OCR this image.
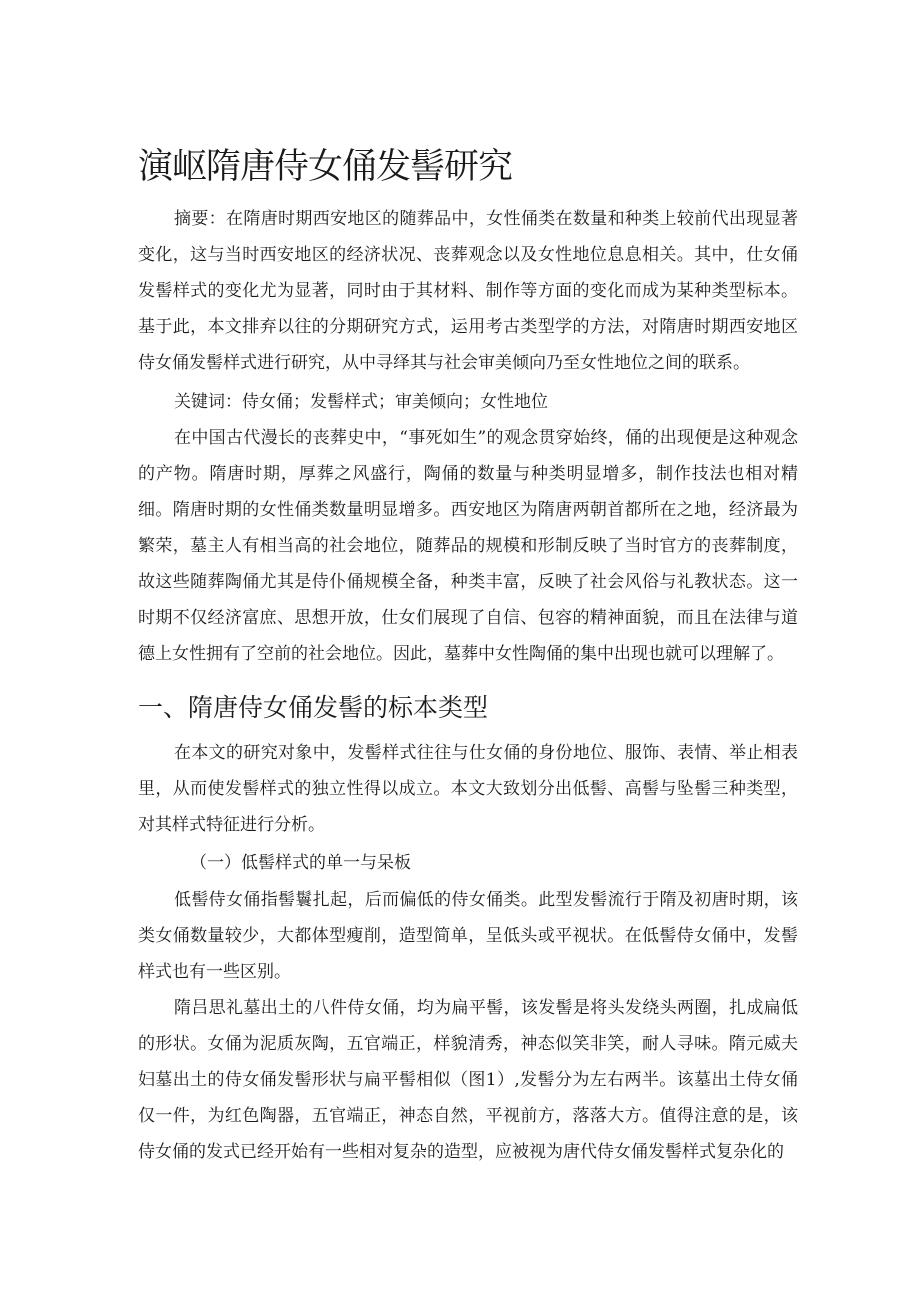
演岖隋唐侍女俑发髻研究

摘要：在隋唐时期西安地区的随葬品中，女性俑类在数量和种类上较前代出现显著变化，这与当时西安地区的经济状况、丧葬观念以及女性地位息息相关。其中，仕女俑发髻样式的变化尤为显著，同时由于其材料、制作等方面的变化而成为某种类型标本。基于此，本文排弃以往的分期研究方式，运用考古类型学的方法，对隋唐时期西安地区侍女俑发髻样式进行研究，从中寻绎其与社会审美倾向乃至女性地位之间的联系。

关键词：侍女俑；发髻样式；审美倾向；女性地位

在中国古代漫长的丧葬史中，“事死如生”的观念贯穿始终，俑的出现便是这种观念的产物。隋唐时期，厚葬之风盛行，陶俑的数量与种类明显增多，制作技法也相对精细。隋唐时期的女性俑类数量明显增多。西安地区为隋唐两朝首都所在之地，经济最为繁荣，墓主人有相当高的社会地位，随葬品的规模和形制反映了当时官方的丧葬制度，故这些随葬陶俑尤其是侍仆俑规模全备，种类丰富，反映了社会风俗与礼教状态。这一时期不仅经济富庶、思想开放，仕女们展现了自信、包容的精神面貌，而且在法律与道德上女性拥有了空前的社会地位。因此，墓葬中女性陶俑的集中出现也就可以理解了。

一、隋唐侍女俑发髻的标本类型

在本文的研究对象中，发髻样式往往与仕女俑的身份地位、服饰、表情、举止相表里，从而使发髻样式的独立性得以成立。本文大致划分出低髻、高髻与坠髻三种类型，对其样式特征进行分析。

（一）低髻样式的单一与呆板

低髻侍女俑指髻鬟扎起，后而偏低的侍女俑类。此型发髻流行于隋及初唐时期，该类女俑数量较少，大都体型瘦削，造型简单，呈低头或平视状。在低髻侍女俑中，发髻样式也有一些区别。

隋吕思礼墓出土的八件侍女俑，均为扁平髻，该发髻是将头发绕头两圈，扎成扁低的形状。女俑为泥质灰陶，五官端正，样貌清秀，神态似笑非笑，耐人寻味。隋元威夫妇墓出土的侍女俑发髻形状与扁平髻相似（图1）,发髻分为左右两半。该墓出土侍女俑仅一件，为红色陶器，五官端正，神态自然，平视前方，落落大方。值得注意的是，该侍女俑的发式已经开始有一些相对复杂的造型，应被视为唐代侍女俑发髻样式复杂化的
